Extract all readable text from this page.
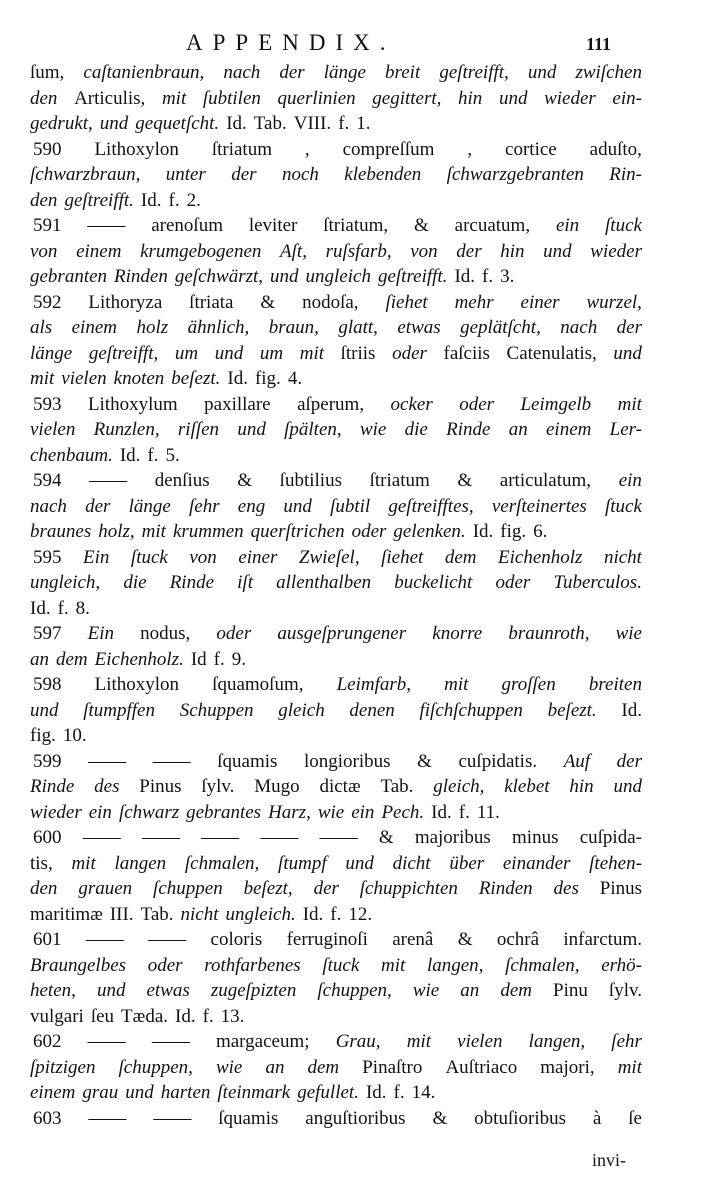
APPENDIX.	111
ſum, caſtanienbraun, nach der länge breit geſtreifft, und zwiſchen
den Articulis, mit ſubtilen querlinien gegittert, hin und wieder ein-
gedrukt, und gequetſcht. Id. Tab. VIII. f. 1.
590 Lithoxylon ſtriatum , compreſſum , cortice aduſto,
ſchwarzbraun, unter der noch klebenden ſchwarzgebranten Rin-
den geſtreifft. Id. f. 2.
591 —— arenoſum leviter ſtriatum, & arcuatum, ein ſtuck
von einem krumgebogenen Aſt, ruſsfarb, von der hin und wieder
gebranten Rinden geſchwärzt, und ungleich geſtreifft. Id. f. 3.
592 Lithoryza ſtriata & nodoſa, ſiehet mehr einer wurzel,
als einem holz ähnlich, braun, glatt, etwas geplätſcht, nach der
länge geſtreifft, um und um mit ſtriis oder faſciis Catenulatis, und
mit vielen knoten beſezt. Id. fig. 4.
593 Lithoxylum paxillare aſperum, ocker oder Leimgelb mit
vielen Runzlen, riſſen und ſpälten, wie die Rinde an einem Ler-
chenbaum. Id. f. 5.
594 —— denſius & ſubtilius ſtriatum & articulatum, ein
nach der länge ſehr eng und ſubtil geſtreifftes, verſteinertes ſtuck
braunes holz, mit krummen querſtrichen oder gelenken. Id. fig. 6.
595 Ein ſtuck von einer Zwieſel, ſiehet dem Eichenholz nicht
ungleich, die Rinde iſt allenthalben buckelicht oder Tuberculos.
Id. f. 8.
597 Ein nodus, oder ausgeſprungener knorre braunroth, wie
an dem Eichenholz. Id f. 9.
598 Lithoxylon ſquamoſum, Leimfarb, mit groſſen breiten
und ſtumpffen Schuppen gleich denen fiſchſchuppen beſezt. Id.
fig. 10.
599 —— —— ſquamis longioribus & cuſpidatis. Auf der
Rinde des Pinus ſylv. Mugo dictæ Tab. gleich, klebet hin und
wieder ein ſchwarz gebrantes Harz, wie ein Pech. Id. f. 11.
600 —— —— —— —— —— & majoribus minus cuſpida-
tis, mit langen ſchmalen, ſtumpf und dicht über einander ſtehen-
den grauen ſchuppen beſezt, der ſchuppichten Rinden des Pinus
maritimæ III. Tab. nicht ungleich. Id. f. 12.
601 —— —— coloris ferruginoſi arenâ & ochrâ infarctum.
Braungelbes oder rothfarbenes ſtuck mit langen, ſchmalen, erhö-
heten, und etwas zugeſpizten ſchuppen, wie an dem Pinu ſylv.
vulgari ſeu Tæda. Id. f. 13.
602 —— —— margaceum; Grau, mit vielen langen, ſehr
ſpitzigen ſchuppen, wie an dem Pinaſtro Auſtriaco majori, mit
einem grau und harten ſteinmark gefullet. Id. f. 14.
603 —— —— ſquamis anguſtioribus & obtuſioribus à ſe
invi-
